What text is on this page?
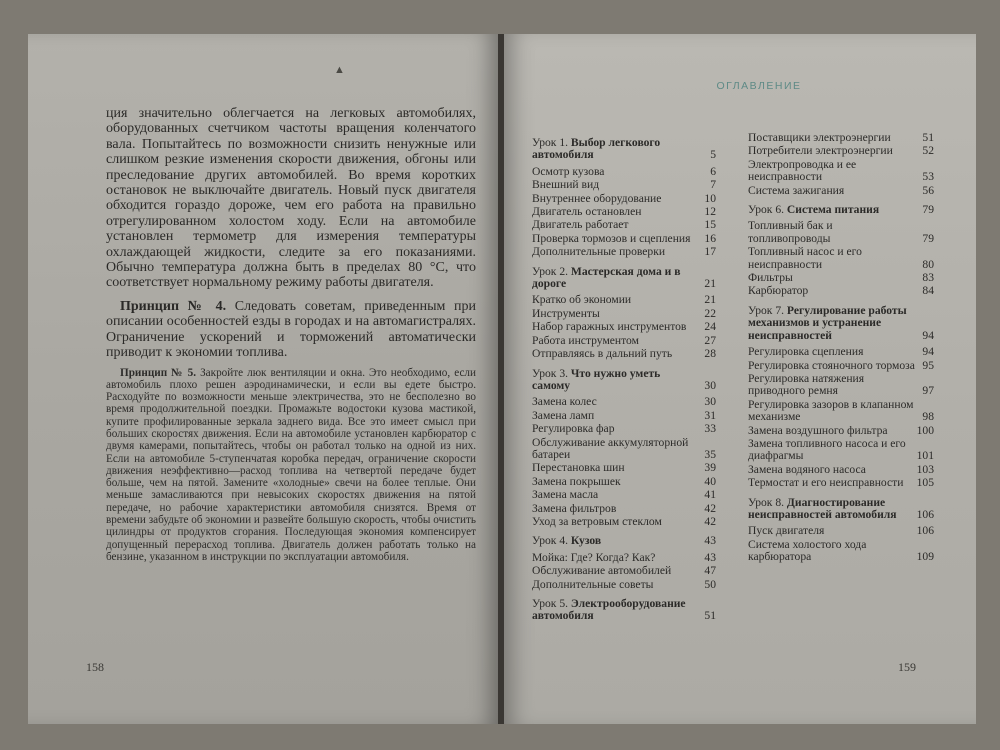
▲

ция значительно облегчается на легковых автомобилях, оборудованных счетчиком частоты вращения коленчатого вала. Попытайтесь по возможности снизить ненужные или слишком резкие изменения скорости движения, обгоны или преследование других автомобилей. Во время коротких остановок не выключайте двигатель. Новый пуск двигателя обходится гораздо дороже, чем его работа на правильно отрегулированном холостом ходу. Если на автомобиле установлен термометр для измерения температуры охлаждающей жидкости, следите за его показаниями. Обычно температура должна быть в пределах 80 °С, что соответствует нормальному режиму работы двигателя.

Принцип № 4. Следовать советам, приведенным при описании особенностей езды в городах и на автомагистралях. Ограничение ускорений и торможений автоматически приводит к экономии топлива.

Принцип № 5. Закройте люк вентиляции и окна. Это необходимо, если автомобиль плохо решен аэродинамически, и если вы едете быстро. Расходуйте по возможности меньше электричества, это не бесполезно во время продолжительной поездки. Промажьте водостоки кузова мастикой, купите профилированные зеркала заднего вида. Все это имеет смысл при больших скоростях движения. Если на автомобиле установлен карбюратор с двумя камерами, попытайтесь, чтобы он работал только на одной из них. Если на автомобиле 5-ступенчатая коробка передач, ограничение скорости движения неэффективно—расход топлива на четвертой передаче будет больше, чем на пятой. Замените «холодные» свечи на более теплые. Они меньше замасливаются при невысоких скоростях движения на пятой передаче, но рабочие характеристики автомобиля снизятся. Время от времени забудьте об экономии и развейте большую скорость, чтобы очистить цилиндры от продуктов сгорания. Последующая экономия компенсирует допущенный перерасход топлива. Двигатель должен работать только на бензине, указанном в инструкции по эксплуатации автомобиля.

158
ОГЛАВЛЕНИЕ
Урок 1. Выбор легкового автомобиля	5
Осмотр кузова	6
Внешний вид	7
Внутреннее оборудование	10
Двигатель остановлен	12
Двигатель работает	15
Проверка тормозов и сцепления	16
Дополнительные проверки	17
Урок 2. Мастерская дома и в дороге	21
Кратко об экономии	21
Инструменты	22
Набор гаражных инструментов	24
Работа инструментом	27
Отправляясь в дальний путь	28
Урок 3. Что нужно уметь самому	30
Замена колес	30
Замена ламп	31
Регулировка фар	33
Обслуживание аккумуляторной батареи	35
Перестановка шин	39
Замена покрышек	40
Замена масла	41
Замена фильтров	42
Уход за ветровым стеклом	42
Урок 4. Кузов	43
Мойка: Где? Когда? Как?	43
Обслуживание автомобилей	47
Дополнительные советы	50
Урок 5. Электрооборудование автомобиля	51
Поставщики электроэнергии	51
Потребители электроэнергии	52
Электропроводка и ее неисправности	53
Система зажигания	56
Урок 6. Система питания	79
Топливный бак и топливопроводы	79
Топливный насос и его неисправности	80
Фильтры	83
Карбюратор	84
Урок 7. Регулирование работы механизмов и устранение неисправностей	94
Регулировка сцепления	94
Регулировка стояночного тормоза 95
Регулировка натяжения приводного ремня	97
Регулировка зазоров в клапанном механизме	98
Замена воздушного фильтра	100
Замена топливного насоса и его диафрагмы	101
Замена водяного насоса	103
Термостат и его неисправности	105
Урок 8. Диагностирование неисправностей автомобиля	106
Пуск двигателя	106
Система холостого хода карбюратора	109
159
